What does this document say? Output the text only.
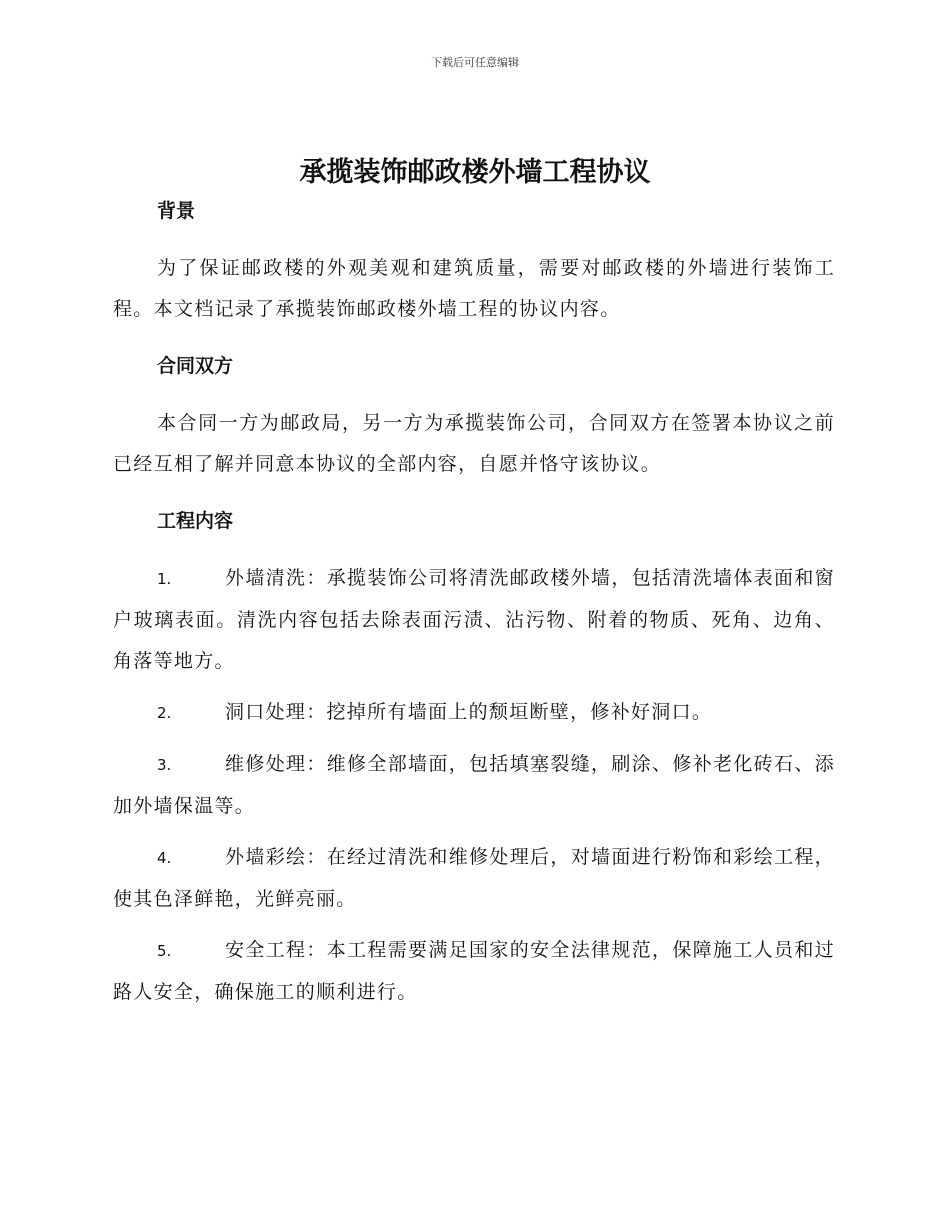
下载后可任意编辑
承揽装饰邮政楼外墙工程协议
背景

为了保证邮政楼的外观美观和建筑质量，需要对邮政楼的外墙进行装饰工程。本文档记录了承揽装饰邮政楼外墙工程的协议内容。

合同双方

本合同一方为邮政局，另一方为承揽装饰公司，合同双方在签署本协议之前已经互相了解并同意本协议的全部内容，自愿并恪守该协议。

工程内容

1.	外墙清洗：承揽装饰公司将清洗邮政楼外墙，包括清洗墙体表面和窗户玻璃表面。清洗内容包括去除表面污渍、沾污物、附着的物质、死角、边角、角落等地方。

2.	洞口处理：挖掉所有墙面上的颓垣断壁，修补好洞口。

3.	维修处理：维修全部墙面，包括填塞裂缝，刷涂、修补老化砖石、添加外墙保温等。

4.	外墙彩绘：在经过清洗和维修处理后，对墙面进行粉饰和彩绘工程，使其色泽鲜艳，光鲜亮丽。

5.	安全工程：本工程需要满足国家的安全法律规范，保障施工人员和过路人安全，确保施工的顺利进行。
